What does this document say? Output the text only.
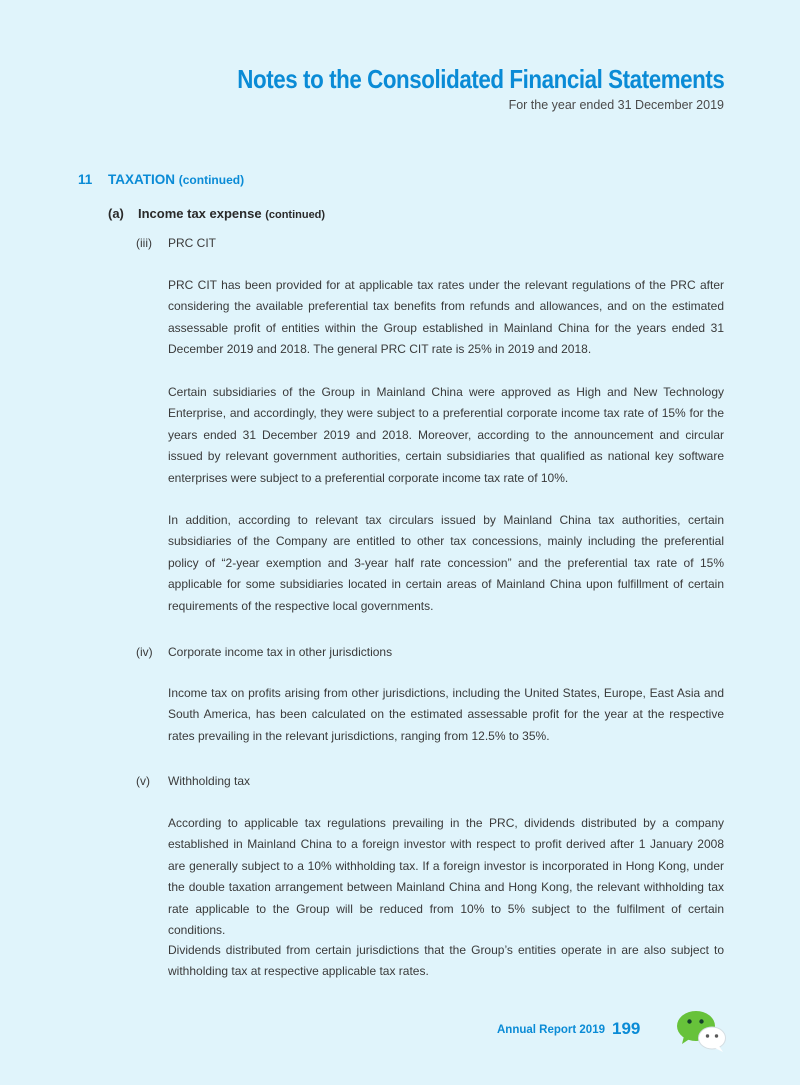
Notes to the Consolidated Financial Statements
For the year ended 31 December 2019
11 TAXATION (continued)
(a) Income tax expense (continued)
(iii) PRC CIT

PRC CIT has been provided for at applicable tax rates under the relevant regulations of the PRC after considering the available preferential tax benefits from refunds and allowances, and on the estimated assessable profit of entities within the Group established in Mainland China for the years ended 31 December 2019 and 2018. The general PRC CIT rate is 25% in 2019 and 2018.

Certain subsidiaries of the Group in Mainland China were approved as High and New Technology Enterprise, and accordingly, they were subject to a preferential corporate income tax rate of 15% for the years ended 31 December 2019 and 2018. Moreover, according to the announcement and circular issued by relevant government authorities, certain subsidiaries that qualified as national key software enterprises were subject to a preferential corporate income tax rate of 10%.

In addition, according to relevant tax circulars issued by Mainland China tax authorities, certain subsidiaries of the Company are entitled to other tax concessions, mainly including the preferential policy of “2-year exemption and 3-year half rate concession” and the preferential tax rate of 15% applicable for some subsidiaries located in certain areas of Mainland China upon fulfillment of certain requirements of the respective local governments.

(iv) Corporate income tax in other jurisdictions

Income tax on profits arising from other jurisdictions, including the United States, Europe, East Asia and South America, has been calculated on the estimated assessable profit for the year at the respective rates prevailing in the relevant jurisdictions, ranging from 12.5% to 35%.

(v) Withholding tax

According to applicable tax regulations prevailing in the PRC, dividends distributed by a company established in Mainland China to a foreign investor with respect to profit derived after 1 January 2008 are generally subject to a 10% withholding tax. If a foreign investor is incorporated in Hong Kong, under the double taxation arrangement between Mainland China and Hong Kong, the relevant withholding tax rate applicable to the Group will be reduced from 10% to 5% subject to the fulfilment of certain conditions.

Dividends distributed from certain jurisdictions that the Group’s entities operate in are also subject to withholding tax at respective applicable tax rates.

Annual Report 2019 199
